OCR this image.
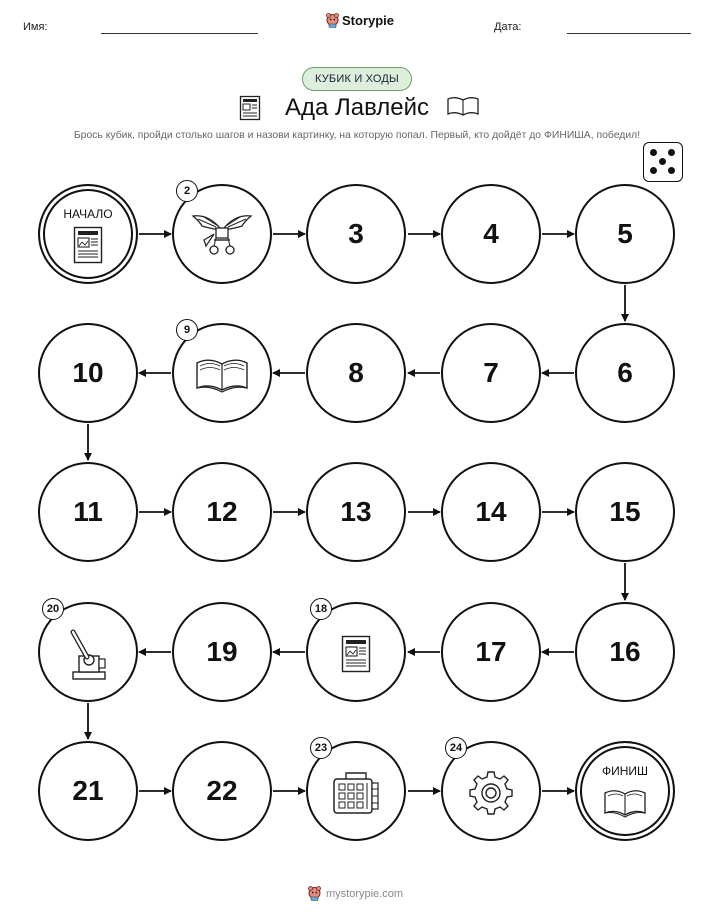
Имя:	Storypie	Дата:
КУБИК И ХОДЫ
Ада Лавлейс
Брось кубик, пройди столько шагов и назови картинку, на которую попал. Первый, кто дойдёт до ФИНИША, победил!
НАЧАЛО
2
3	4	5
6
7
8
9
10
11	12	13	14	15
16
17
18
19
20
21	22
23	24
ФИНИШ
mystorypie.com
